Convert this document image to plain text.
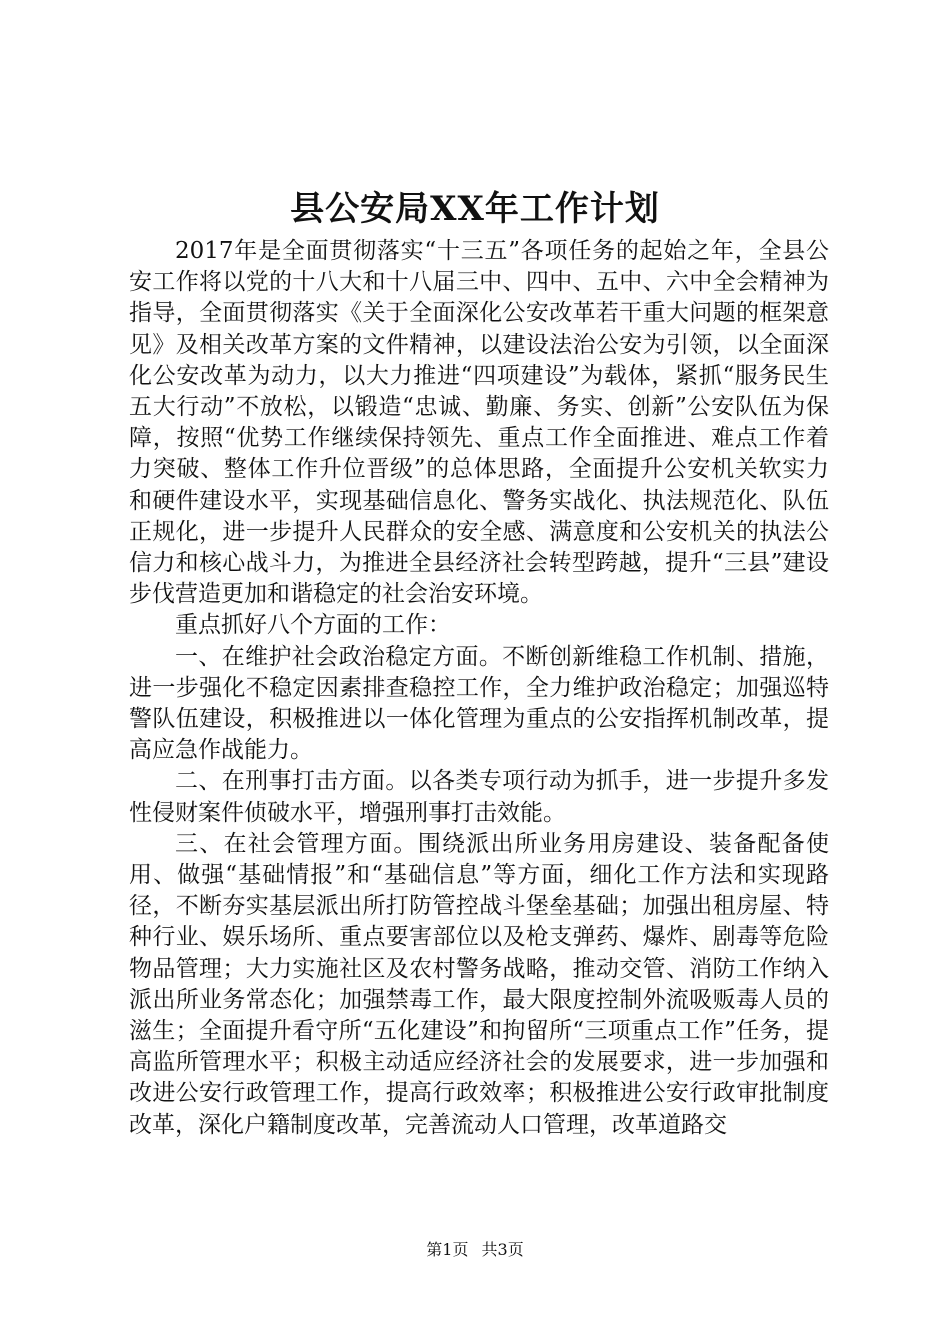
县公安局XX年工作计划

2017年是全面贯彻落实“十三五”各项任务的起始之年，全县公安工作将以党的十八大和十八届三中、四中、五中、六中全会精神为指导，全面贯彻落实《关于全面深化公安改革若干重大问题的框架意见》及相关改革方案的文件精神，以建设法治公安为引领，以全面深化公安改革为动力，以大力推进“四项建设”为载体，紧抓“服务民生五大行动”不放松，以锻造“忠诚、勤廉、务实、创新”公安队伍为保障，按照“优势工作继续保持领先、重点工作全面推进、难点工作着力突破、整体工作升位晋级”的总体思路，全面提升公安机关软实力和硬件建设水平，实现基础信息化、警务实战化、执法规范化、队伍正规化，进一步提升人民群众的安全感、满意度和公安机关的执法公信力和核心战斗力，为推进全县经济社会转型跨越，提升“三县”建设步伐营造更加和谐稳定的社会治安环境。

重点抓好八个方面的工作：

一、在维护社会政治稳定方面。不断创新维稳工作机制、措施，进一步强化不稳定因素排查稳控工作，全力维护政治稳定；加强巡特警队伍建设，积极推进以一体化管理为重点的公安指挥机制改革，提高应急作战能力。

二、在刑事打击方面。以各类专项行动为抓手，进一步提升多发性侵财案件侦破水平，增强刑事打击效能。

三、在社会管理方面。围绕派出所业务用房建设、装备配备使用、做强“基础情报”和“基础信息”等方面，细化工作方法和实现路径，不断夯实基层派出所打防管控战斗堡垒基础；加强出租房屋、特种行业、娱乐场所、重点要害部位以及枪支弹药、爆炸、剧毒等危险物品管理；大力实施社区及农村警务战略，推动交管、消防工作纳入派出所业务常态化；加强禁毒工作，最大限度控制外流吸贩毒人员的滋生；全面提升看守所“五化建设”和拘留所“三项重点工作”任务，提高监所管理水平；积极主动适应经济社会的发展要求，进一步加强和改进公安行政管理工作，提高行政效率；积极推进公安行政审批制度改革，深化户籍制度改革，完善流动人口管理，改革道路交

第1页 共3页
